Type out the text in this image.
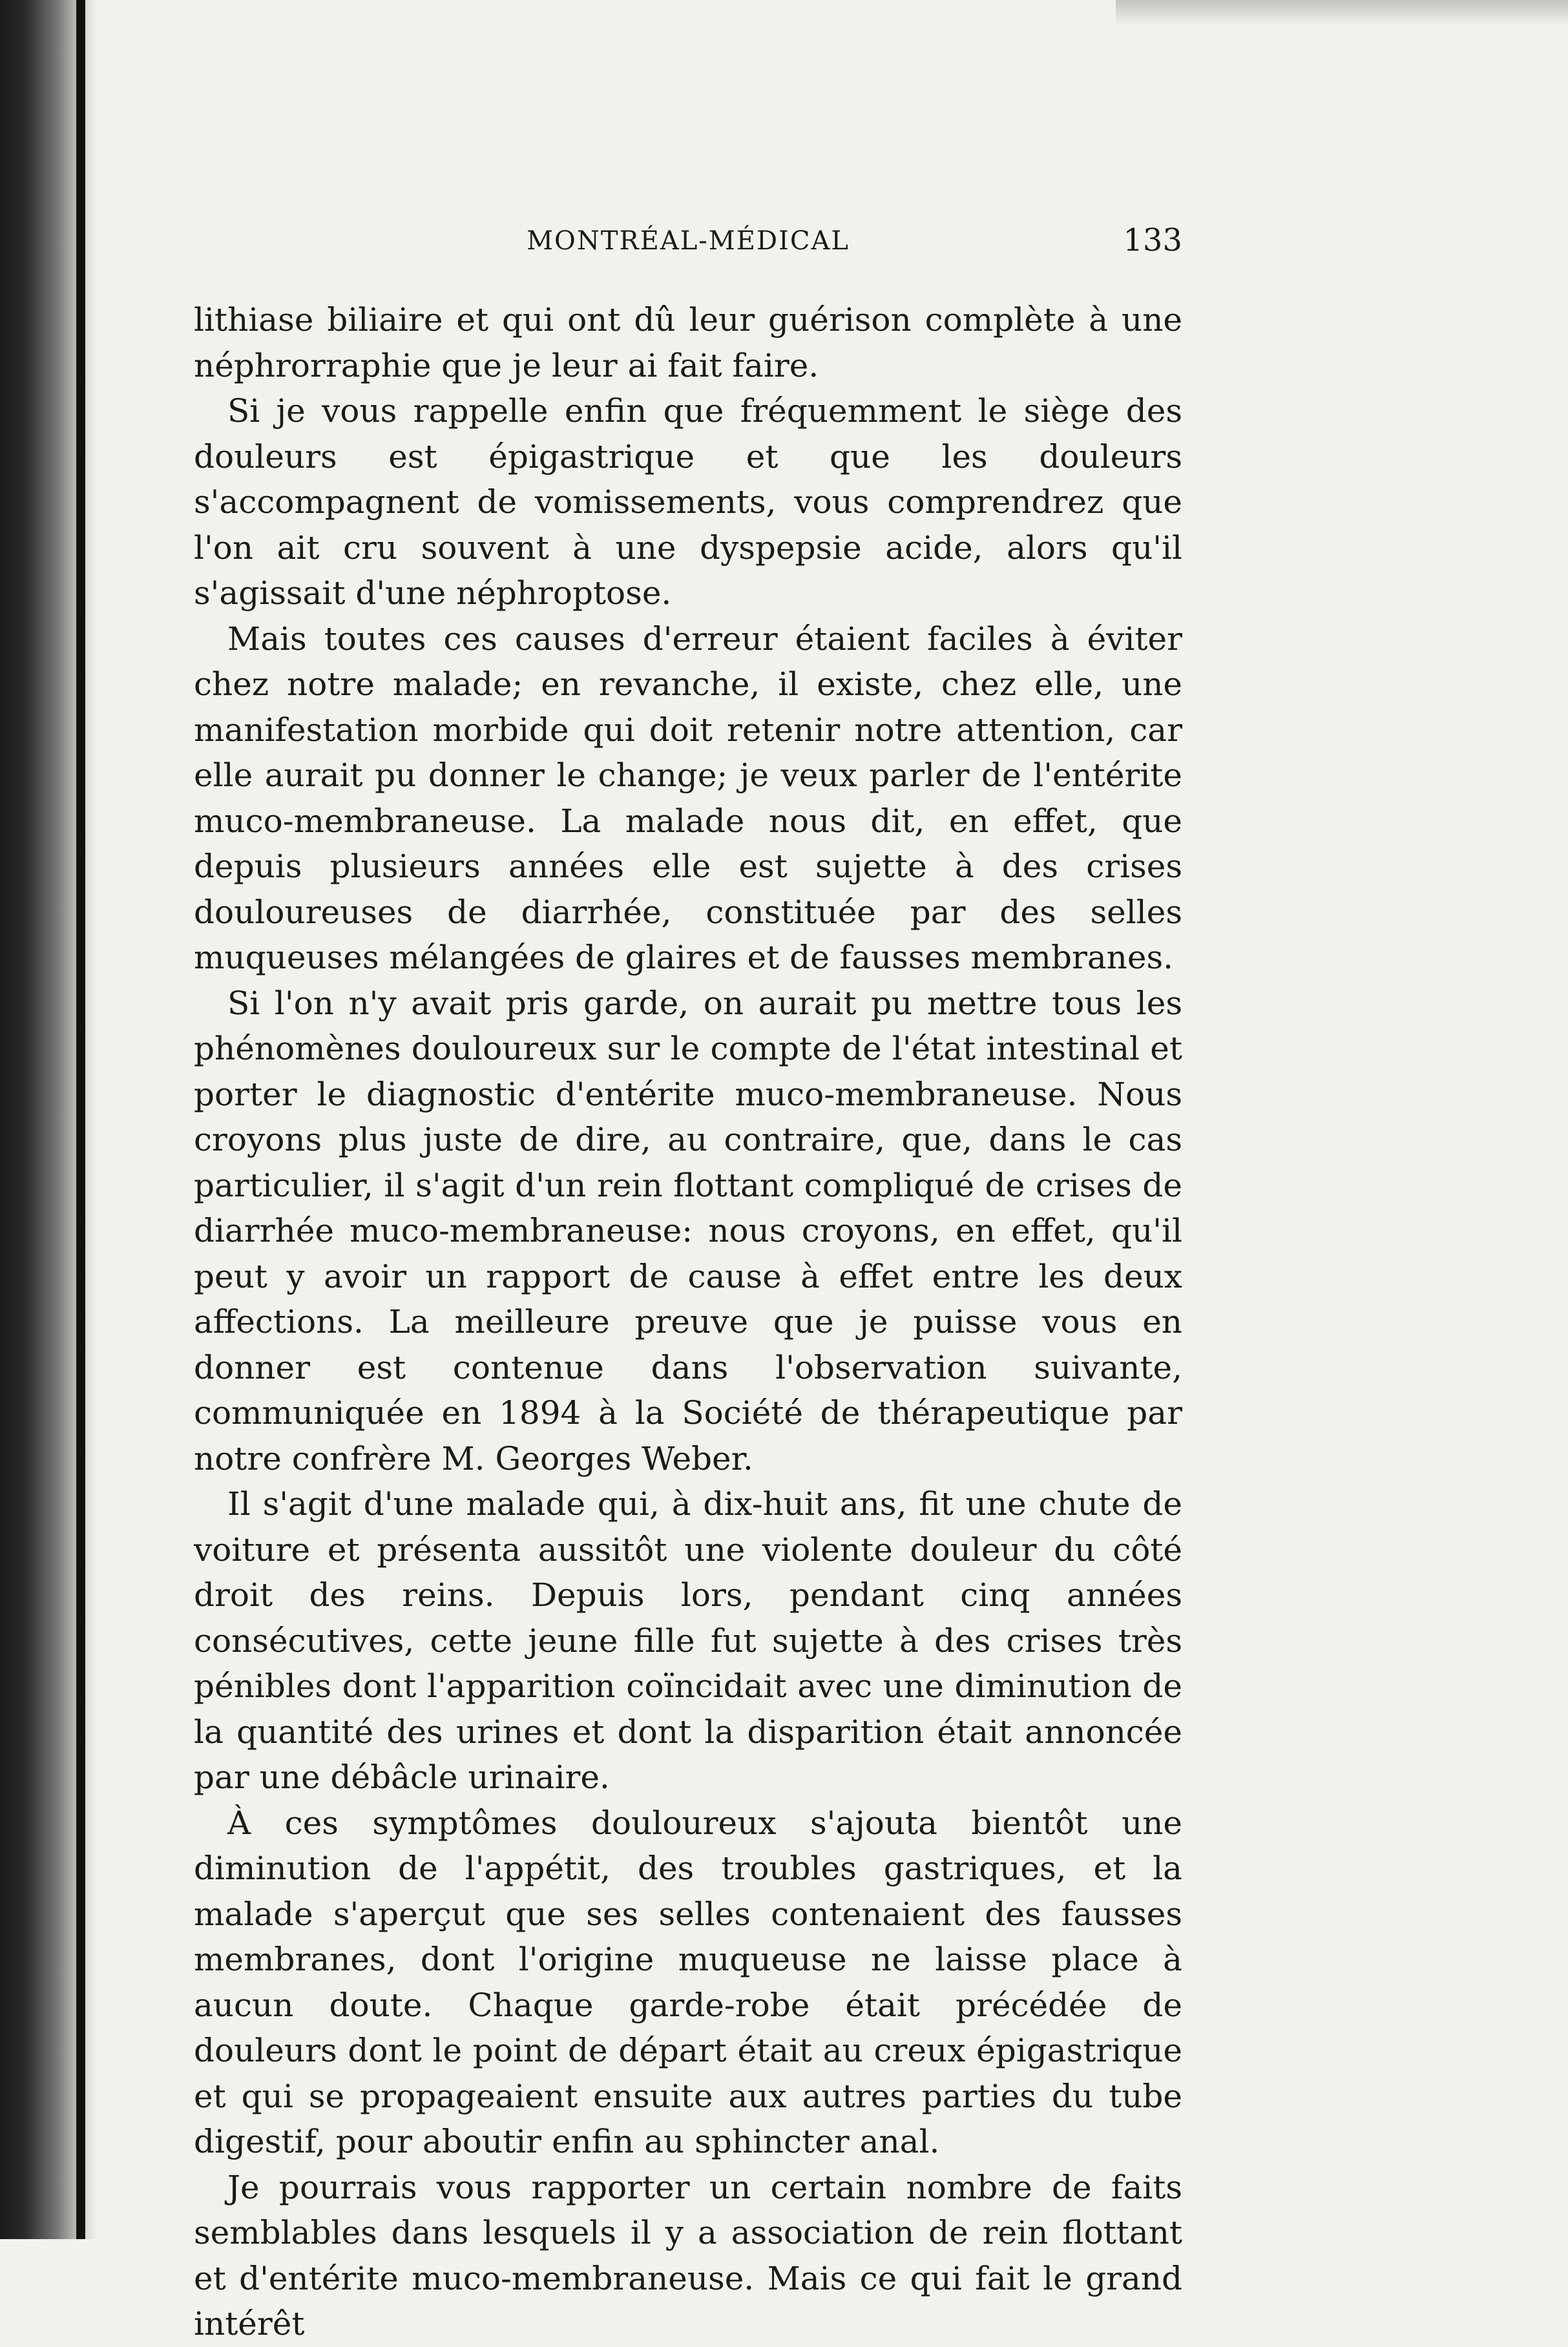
MONTRÉAL-MÉDICAL	133

lithiase biliaire et qui ont dû leur guérison complète à une néphrorraphie que je leur ai fait faire.

Si je vous rappelle enfin que fréquemment le siège des douleurs est épigastrique et que les douleurs s'accompagnent de vomissements, vous comprendrez que l'on ait cru souvent à une dyspepsie acide, alors qu'il s'agissait d'une néphroptose.

Mais toutes ces causes d'erreur étaient faciles à éviter chez notre malade; en revanche, il existe, chez elle, une manifestation morbide qui doit retenir notre attention, car elle aurait pu donner le change; je veux parler de l'entérite muco-membraneuse. La malade nous dit, en effet, que depuis plusieurs années elle est sujette à des crises douloureuses de diarrhée, constituée par des selles muqueuses mélangées de glaires et de fausses membranes.

Si l'on n'y avait pris garde, on aurait pu mettre tous les phénomènes douloureux sur le compte de l'état intestinal et porter le diagnostic d'entérite muco-membraneuse. Nous croyons plus juste de dire, au contraire, que, dans le cas particulier, il s'agit d'un rein flottant compliqué de crises de diarrhée muco-membraneuse: nous croyons, en effet, qu'il peut y avoir un rapport de cause à effet entre les deux affections. La meilleure preuve que je puisse vous en donner est contenue dans l'observation suivante, communiquée en 1894 à la Société de thérapeutique par notre confrère M. Georges Weber.

Il s'agit d'une malade qui, à dix-huit ans, fit une chute de voiture et présenta aussitôt une violente douleur du côté droit des reins. Depuis lors, pendant cinq années consécutives, cette jeune fille fut sujette à des crises très pénibles dont l'apparition coïncidait avec une diminution de la quantité des urines et dont la disparition était annoncée par une débâcle urinaire.

À ces symptômes douloureux s'ajouta bientôt une diminution de l'appétit, des troubles gastriques, et la malade s'aperçut que ses selles contenaient des fausses membranes, dont l'origine muqueuse ne laisse place à aucun doute. Chaque garde-robe était précédée de douleurs dont le point de départ était au creux épigastrique et qui se propageaient ensuite aux autres parties du tube digestif, pour aboutir enfin au sphincter anal.

Je pourrais vous rapporter un certain nombre de faits semblables dans lesquels il y a association de rein flottant et d'entérite muco-membraneuse. Mais ce qui fait le grand intérêt
